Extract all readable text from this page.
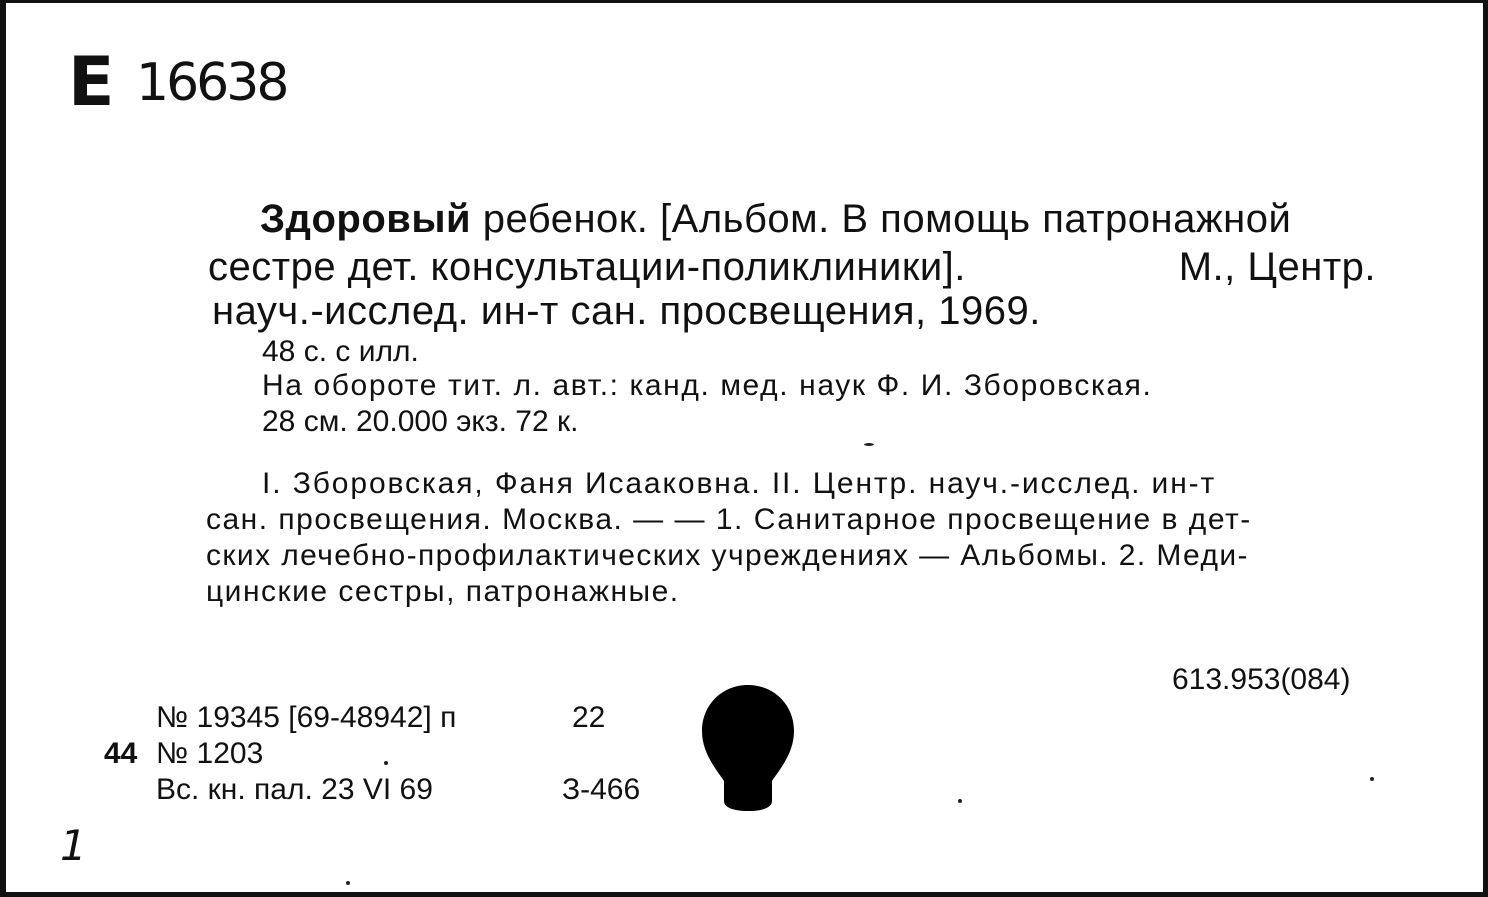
Е 16638
Здоровый ребенок. [Альбом. В помощь патронажной
сестре дет. консультации-поликлиники].	М., Центр.
науч.-исслед. ин-т сан. просвещения, 1969.
48 с. с илл.
На обороте тит. л. авт.: канд. мед. наук Ф. И. Зборовская.
28 см. 20.000 экз. 72 к.
I. Зборовская, Фаня Исааковна. II. Центр. науч.-исслед. ин-т
сан. просвещения. Москва. — — 1. Санитарное просвещение в дет-
ских лечебно-профилактических учреждениях — Альбомы. 2. Меди-
цинские сестры, патронажные.
613.953(084)
№ 19345 [69-48942] п	22
44 № 1203
Вс. кн. пал. 23 VI 69	З-466
1
